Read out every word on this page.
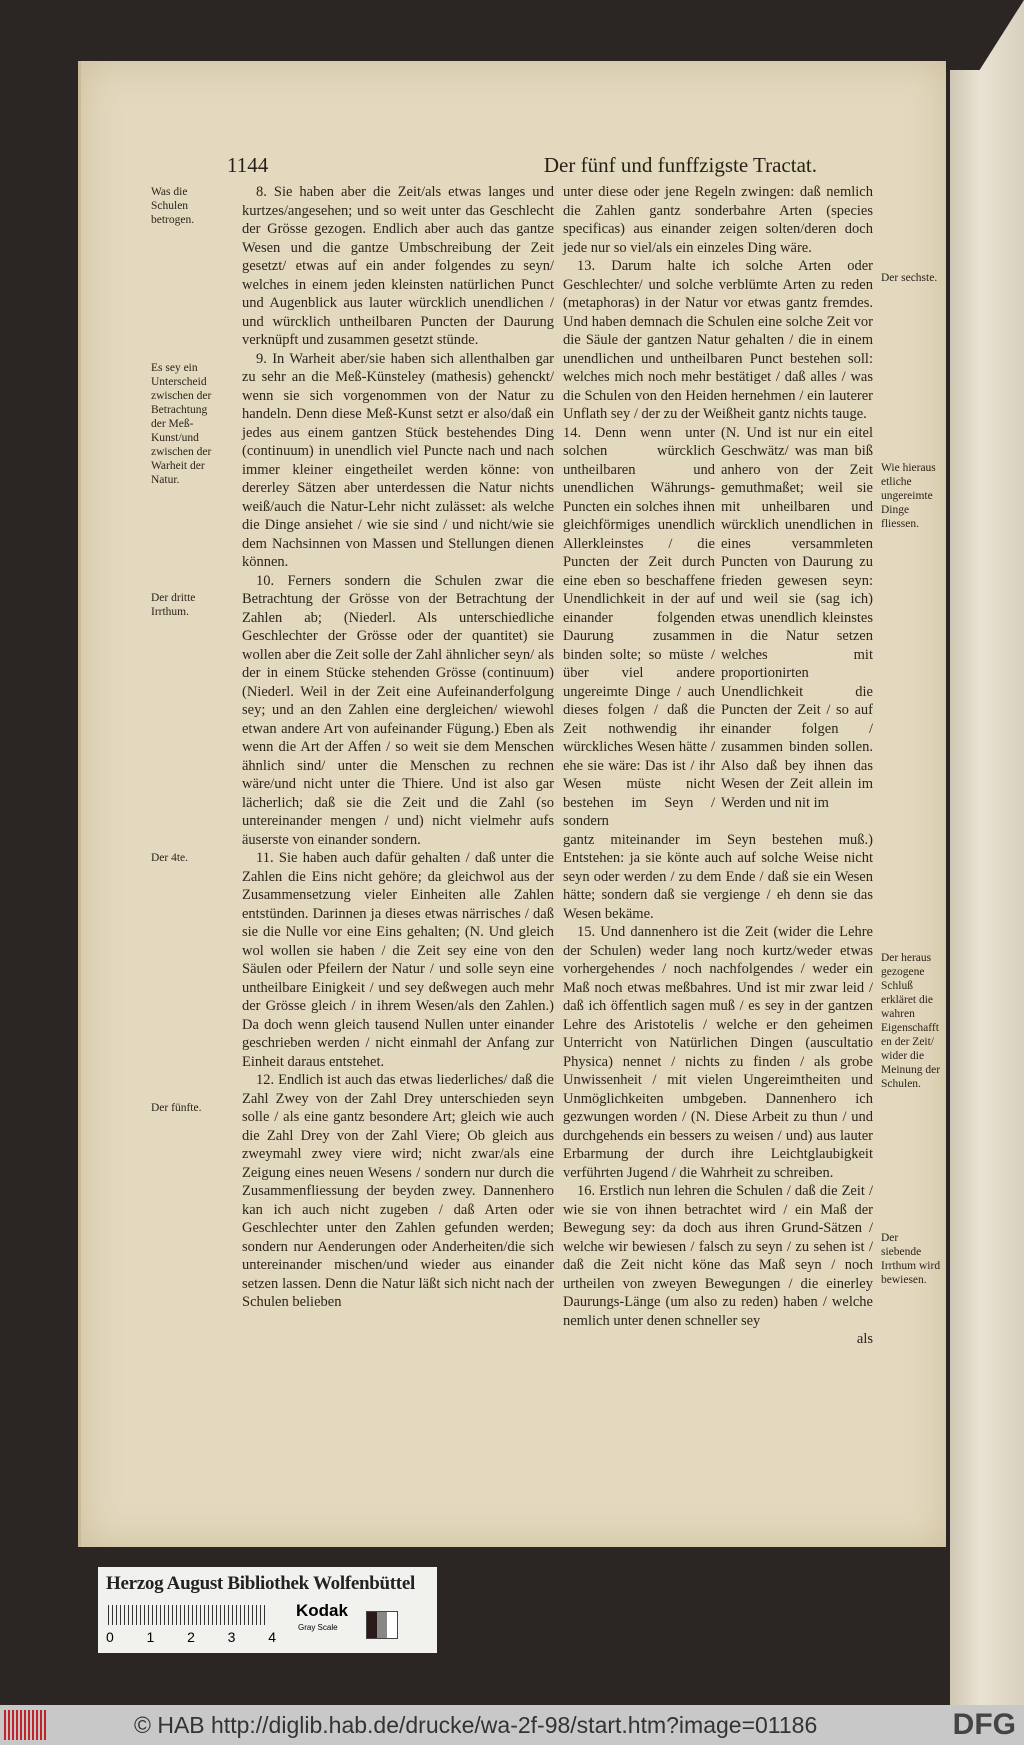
1144	Der fünf und funffzigste Tractat.
Was die Schulen betrogen.
Es sey ein Unterscheid zwischen der Betrachtung der Meß-Kunst/und zwischen der Warheit der Natur.
Der dritte Irrthum.
Der 4te.
Der fünfte.
Der sechste.
Wie hieraus etliche ungereimte Dinge fliessen.
Der heraus gezogene Schluß erkläret die wahren Eigenschafften der Zeit/ wider die Meinung der Schulen.
Der siebende Irrthum wird bewiesen.

8. Sie haben aber die Zeit/als etwas langes und kurtzes/angesehen; und so weit unter das Geschlecht der Grösse gezogen. Endlich aber auch das gantze Wesen und die gantze Umbschreibung der Zeit gesetzt/ etwas auf ein ander folgendes zu seyn/ welches in einem jeden kleinsten natürlichen Punct und Augenblick aus lauter würcklich unendlichen / und würcklich untheilbaren Puncten der Daurung verknüpft und zusammen gesetzt stünde.

9. In Warheit aber/sie haben sich allenthalben gar zu sehr an die Meß-Künsteley (mathesis) gehenckt/ wenn sie sich vorgenommen von der Natur zu handeln. Denn diese Meß-Kunst setzt er also/daß ein jedes aus einem gantzen Stück bestehendes Ding (continuum) in unendlich viel Puncte nach und nach immer kleiner eingetheilet werden könne: von dererley Sätzen aber unterdessen die Natur nichts weiß/auch die Natur-Lehr nicht zulässet: als welche die Dinge ansiehet / wie sie sind / und nicht/wie sie dem Nachsinnen von Massen und Stellungen dienen können.

10. Ferners sondern die Schulen zwar die Betrachtung der Grösse von der Betrachtung der Zahlen ab; (Niederl. Als unterschiedliche Geschlechter der Grösse oder der quantitet) sie wollen aber die Zeit solle der Zahl ähnlicher seyn/ als der in einem Stücke stehenden Grösse (continuum) (Niederl. Weil in der Zeit eine Aufeinanderfolgung sey; und an den Zahlen eine dergleichen/ wiewohl etwan andere Art von aufeinander Fügung.) Eben als wenn die Art der Affen / so weit sie dem Menschen ähnlich sind/ unter die Menschen zu rechnen wäre/und nicht unter die Thiere. Und ist also gar lächerlich; daß sie die Zeit und die Zahl (so untereinander mengen / und) nicht vielmehr aufs äuserste von einander sondern.

11. Sie haben auch dafür gehalten / daß unter die Zahlen die Eins nicht gehöre; da gleichwol aus der Zusammensetzung vieler Einheiten alle Zahlen entstünden. Darinnen ja dieses etwas närrisches / daß sie die Nulle vor eine Eins gehalten; (N. Und gleich wol wollen sie haben / die Zeit sey eine von den Säulen oder Pfeilern der Natur / und solle seyn eine untheilbare Einigkeit / und sey deßwegen auch mehr der Grösse gleich / in ihrem Wesen/als den Zahlen.) Da doch wenn gleich tausend Nullen unter einander geschrieben werden / nicht einmahl der Anfang zur Einheit daraus entstehet.

12. Endlich ist auch das etwas liederliches/ daß die Zahl Zwey von der Zahl Drey unterschieden seyn solle / als eine gantz besondere Art; gleich wie auch die Zahl Drey von der Zahl Viere; Ob gleich aus zweymahl zwey viere wird; nicht zwar/als eine Zeigung eines neuen Wesens / sondern nur durch die Zusammenfliessung der beyden zwey. Dannenhero kan ich auch nicht zugeben / daß Arten oder Geschlechter unter den Zahlen gefunden werden; sondern nur Aenderungen oder Anderheiten/die sich untereinander mischen/und wieder aus einander setzen lassen. Denn die Natur läßt sich nicht nach der Schulen belieben

unter diese oder jene Regeln zwingen: daß nemlich die Zahlen gantz sonderbahre Arten (species specificas) aus einander zeigen solten/deren doch jede nur so viel/als ein einzeles Ding wäre.

13. Darum halte ich solche Arten oder Geschlechter/ und solche verblümte Arten zu reden (metaphoras) in der Natur vor etwas gantz fremdes. Und haben demnach die Schulen eine solche Zeit vor die Säule der gantzen Natur gehalten / die in einem unendlichen und untheilbaren Punct bestehen soll: welches mich noch mehr bestätiget / daß alles / was die Schulen von den Heiden hernehmen / ein lauterer Unflath sey / der zu der Weißheit gantz nichts tauge.

14. Denn wenn unter solchen würcklich untheilbaren und unendlichen Währungs-Puncten ein solches ihnen gleichförmiges unendlich Allerkleinstes / die Puncten der Zeit durch eine eben so beschaffene Unendlichkeit in der auf einander folgenden Daurung zusammen binden solte; so müste / über viel andere ungereimte Dinge / auch dieses folgen / daß die Zeit nothwendig ihr würckliches Wesen hätte / ehe sie wäre: Das ist / ihr Wesen müste nicht bestehen im Seyn / sondern
(N. Und ist nur ein eitel Geschwätz/ was man biß anhero von der Zeit gemuthmaßet; weil sie mit unheilbaren und würcklich unendlichen in eines versammleten Puncten von Daurung zu frieden gewesen seyn: und weil sie (sag ich) etwas unendlich kleinstes in die Natur setzen welches mit proportionirten Unendlichkeit die Puncten der Zeit / so auf einander folgen / zusammen binden sollen. Also daß bey ihnen das Wesen der Zeit allein im Werden und nit im

gantz miteinander im Seyn bestehen muß.) Entstehen: ja sie könte auch auf solche Weise nicht seyn oder werden / zu dem Ende / daß sie ein Wesen hätte; sondern daß sie vergienge / eh denn sie das Wesen bekäme.

15. Und dannenhero ist die Zeit (wider die Lehre der Schulen) weder lang noch kurtz/weder etwas vorhergehendes / noch nachfolgendes / weder ein Maß noch etwas meßbahres. Und ist mir zwar leid / daß ich öffentlich sagen muß / es sey in der gantzen Lehre des Aristotelis / welche er den geheimen Unterricht von Natürlichen Dingen (auscultatio Physica) nennet / nichts zu finden / als grobe Unwissenheit / mit vielen Ungereimtheiten und Unmöglichkeiten umbgeben. Dannenhero ich gezwungen worden / (N. Diese Arbeit zu thun / und durchgehends ein bessers zu weisen / und) aus lauter Erbarmung der durch ihre Leichtglaubigkeit verführten Jugend / die Wahrheit zu schreiben.

16. Erstlich nun lehren die Schulen / daß die Zeit / wie sie von ihnen betrachtet wird / ein Maß der Bewegung sey: da doch aus ihren Grund-Sätzen / welche wir bewiesen / falsch zu seyn / zu sehen ist / daß die Zeit nicht köne das Maß seyn / noch urtheilen von zweyen Bewegungen / die einerley Daurungs-Länge (um also zu reden) haben / welche nemlich unter denen schneller sey

als
Herzog August Bibliothek Wolfenbüttel
0 1 2 3 4
Kodak
Gray Scale
© HAB http://diglib.hab.de/drucke/wa-2f-98/start.htm?image=01186	DFG
